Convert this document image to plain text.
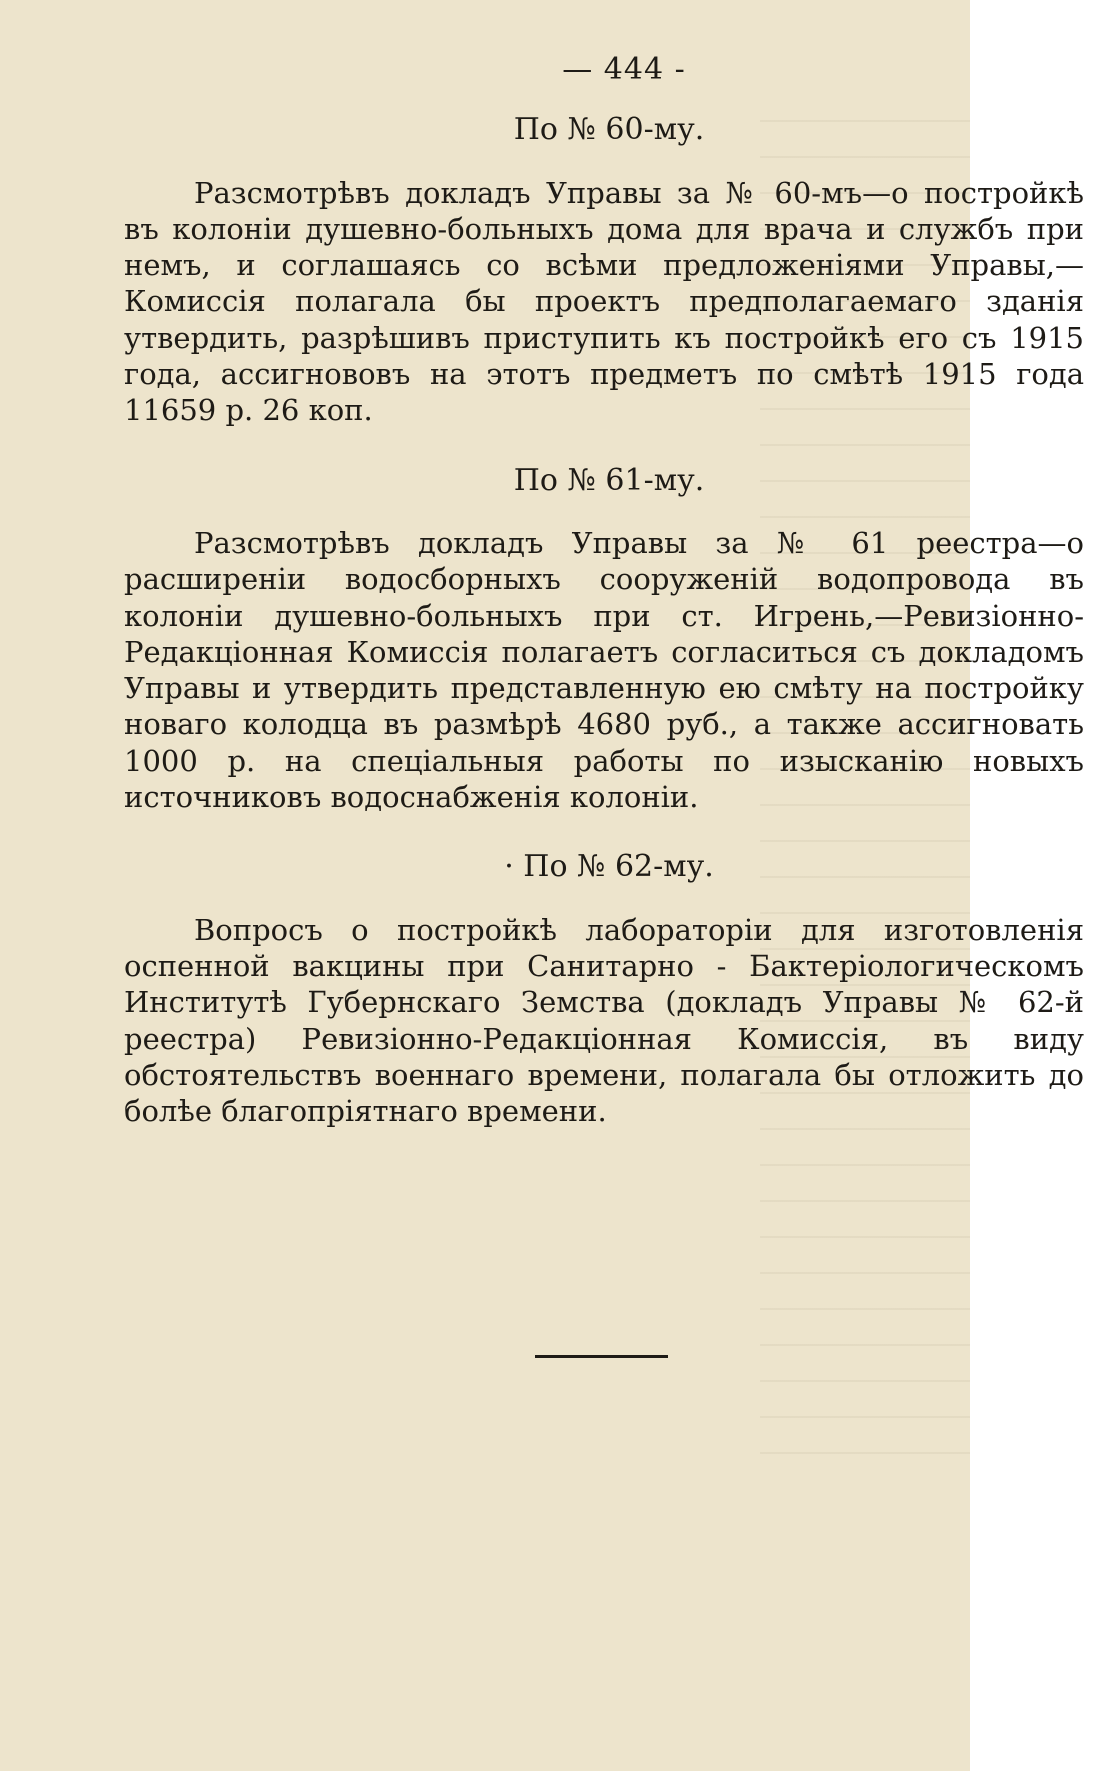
— 444 -
По № 60-му.

Разсмотрѣвъ докладъ Управы за № 60-мъ—о постройкѣ въ колоніи душевно-больныхъ дома для врача и службъ при немъ, и соглашаясь со всѣми предложеніями Управы,—Комиссія полагала бы проектъ предполагаемаго зданія утвердить, разрѣшивъ приступить къ постройкѣ его съ 1915 года, ассигнововъ на этотъ предметъ по смѣтѣ 1915 года 11659 р. 26 коп.

По № 61-му.

Разсмотрѣвъ докладъ Управы за № 61 реестра—о расширеніи водосборныхъ сооруженій водопровода въ колоніи душевно-больныхъ при ст. Игрень,—Ревизіонно-Редакціонная Комиссія полагаетъ согласиться съ докладомъ Управы и утвердить представленную ею смѣту на постройку новаго колодца въ размѣрѣ 4680 руб., а также ассигновать 1000 р. на спеціальныя работы по изысканію новыхъ источниковъ водоснабженія колоніи.

· По № 62-му.

Вопросъ о постройкѣ лабораторіи для изготовленія оспенной вакцины при Санитарно - Бактеріологическомъ Институтѣ Губернскаго Земства (докладъ Управы № 62-й реестра) Ревизіонно-Редакціонная Комиссія, въ виду обстоятельствъ военнаго времени, полагала бы отложить до болѣе благопріятнаго времени.
